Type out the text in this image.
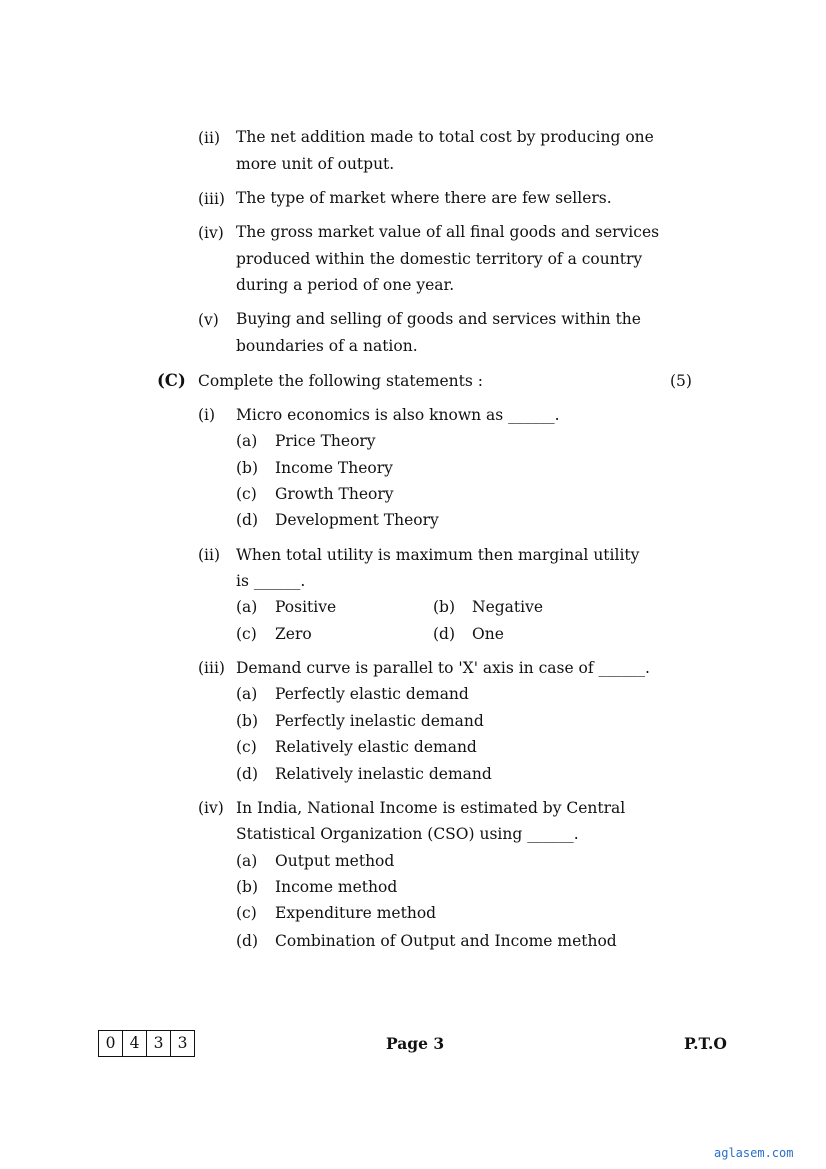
(ii) The net addition made to total cost by producing one
more unit of output.
(iii) The type of market where there are few sellers.
(iv) The gross market value of all final goods and services
produced within the domestic territory of a country
during a period of one year.
(v) Buying and selling of goods and services within the
boundaries of a nation.
(C) Complete the following statements :	(5)
(i) Micro economics is also known as ______.
(a) Price Theory
(b) Income Theory
(c) Growth Theory
(d) Development Theory
(ii) When total utility is maximum then marginal utility
is ______.
(a) Positive	(b) Negative
(c) Zero	(d) One
(iii) Demand curve is parallel to 'X' axis in case of ______.
(a) Perfectly elastic demand
(b) Perfectly inelastic demand
(c) Relatively elastic demand
(d) Relatively inelastic demand
(iv) In India, National Income is estimated by Central
Statistical Organization (CSO) using ______.
(a) Output method
(b) Income method
(c) Expenditure method
(d) Combination of Output and Income method
0 4 3 3	Page 3	P.T.O
aglasem.com
